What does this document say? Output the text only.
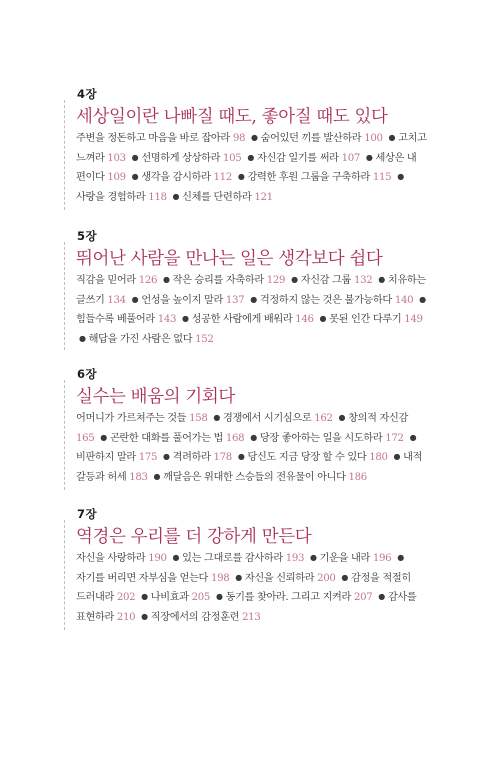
4장
세상일이란 나빠질 때도, 좋아질 때도 있다
주변을 정돈하고 마음을 바로 잡아라 98 ● 숨어있던 끼를 발산하라 100 ● 고치고 느껴라 103 ● 선명하게 상상하라 105 ● 자신감 일기를 써라 107 ● 세상은 내 편이다 109 ● 생각을 감시하라 112 ● 강력한 후원 그룹을 구축하라 115 ●사랑을 경험하라 118 ● 신체를 단련하라 121
5장
뛰어난 사람을 만나는 일은 생각보다 쉽다
직감을 믿어라 126 ● 작은 승리를 자축하라 129 ● 자신감 그룹 132 ● 치유하는 글쓰기 134 ● 언성을 높이지 말라 137 ● 걱정하지 않는 것은 불가능하다 140 ●힘들수록 베풀어라 143 ● 성공한 사람에게 배워라 146 ● 못된 인간 다루기 149 ● 해답을 가진 사람은 없다 152
6장
실수는 배움의 기회다
어머니가 가르쳐주는 것들 158 ● 경쟁에서 시기심으로 162 ● 창의적 자신감 165 ● 곤란한 대화를 풀어가는 법 168 ● 당장 좋아하는 일을 시도하라 172 ●비판하지 말라 175 ● 격려하라 178 ● 당신도 지금 당장 할 수 있다 180 ● 내적 갈등과 허세 183 ● 깨달음은 위대한 스승들의 전유물이 아니다 186
7장
역경은 우리를 더 강하게 만든다
자신을 사랑하라 190 ● 있는 그대로를 감사하라 193 ● 기운을 내라 196 ●자기를 버리면 자부심을 얻는다 198 ● 자신을 신뢰하라 200 ● 감정을 적절히 드러내라 202 ● 나비효과 205 ● 동기를 찾아라. 그리고 지켜라 207 ● 감사를 표현하라 210 ● 직장에서의 감정훈련 213
